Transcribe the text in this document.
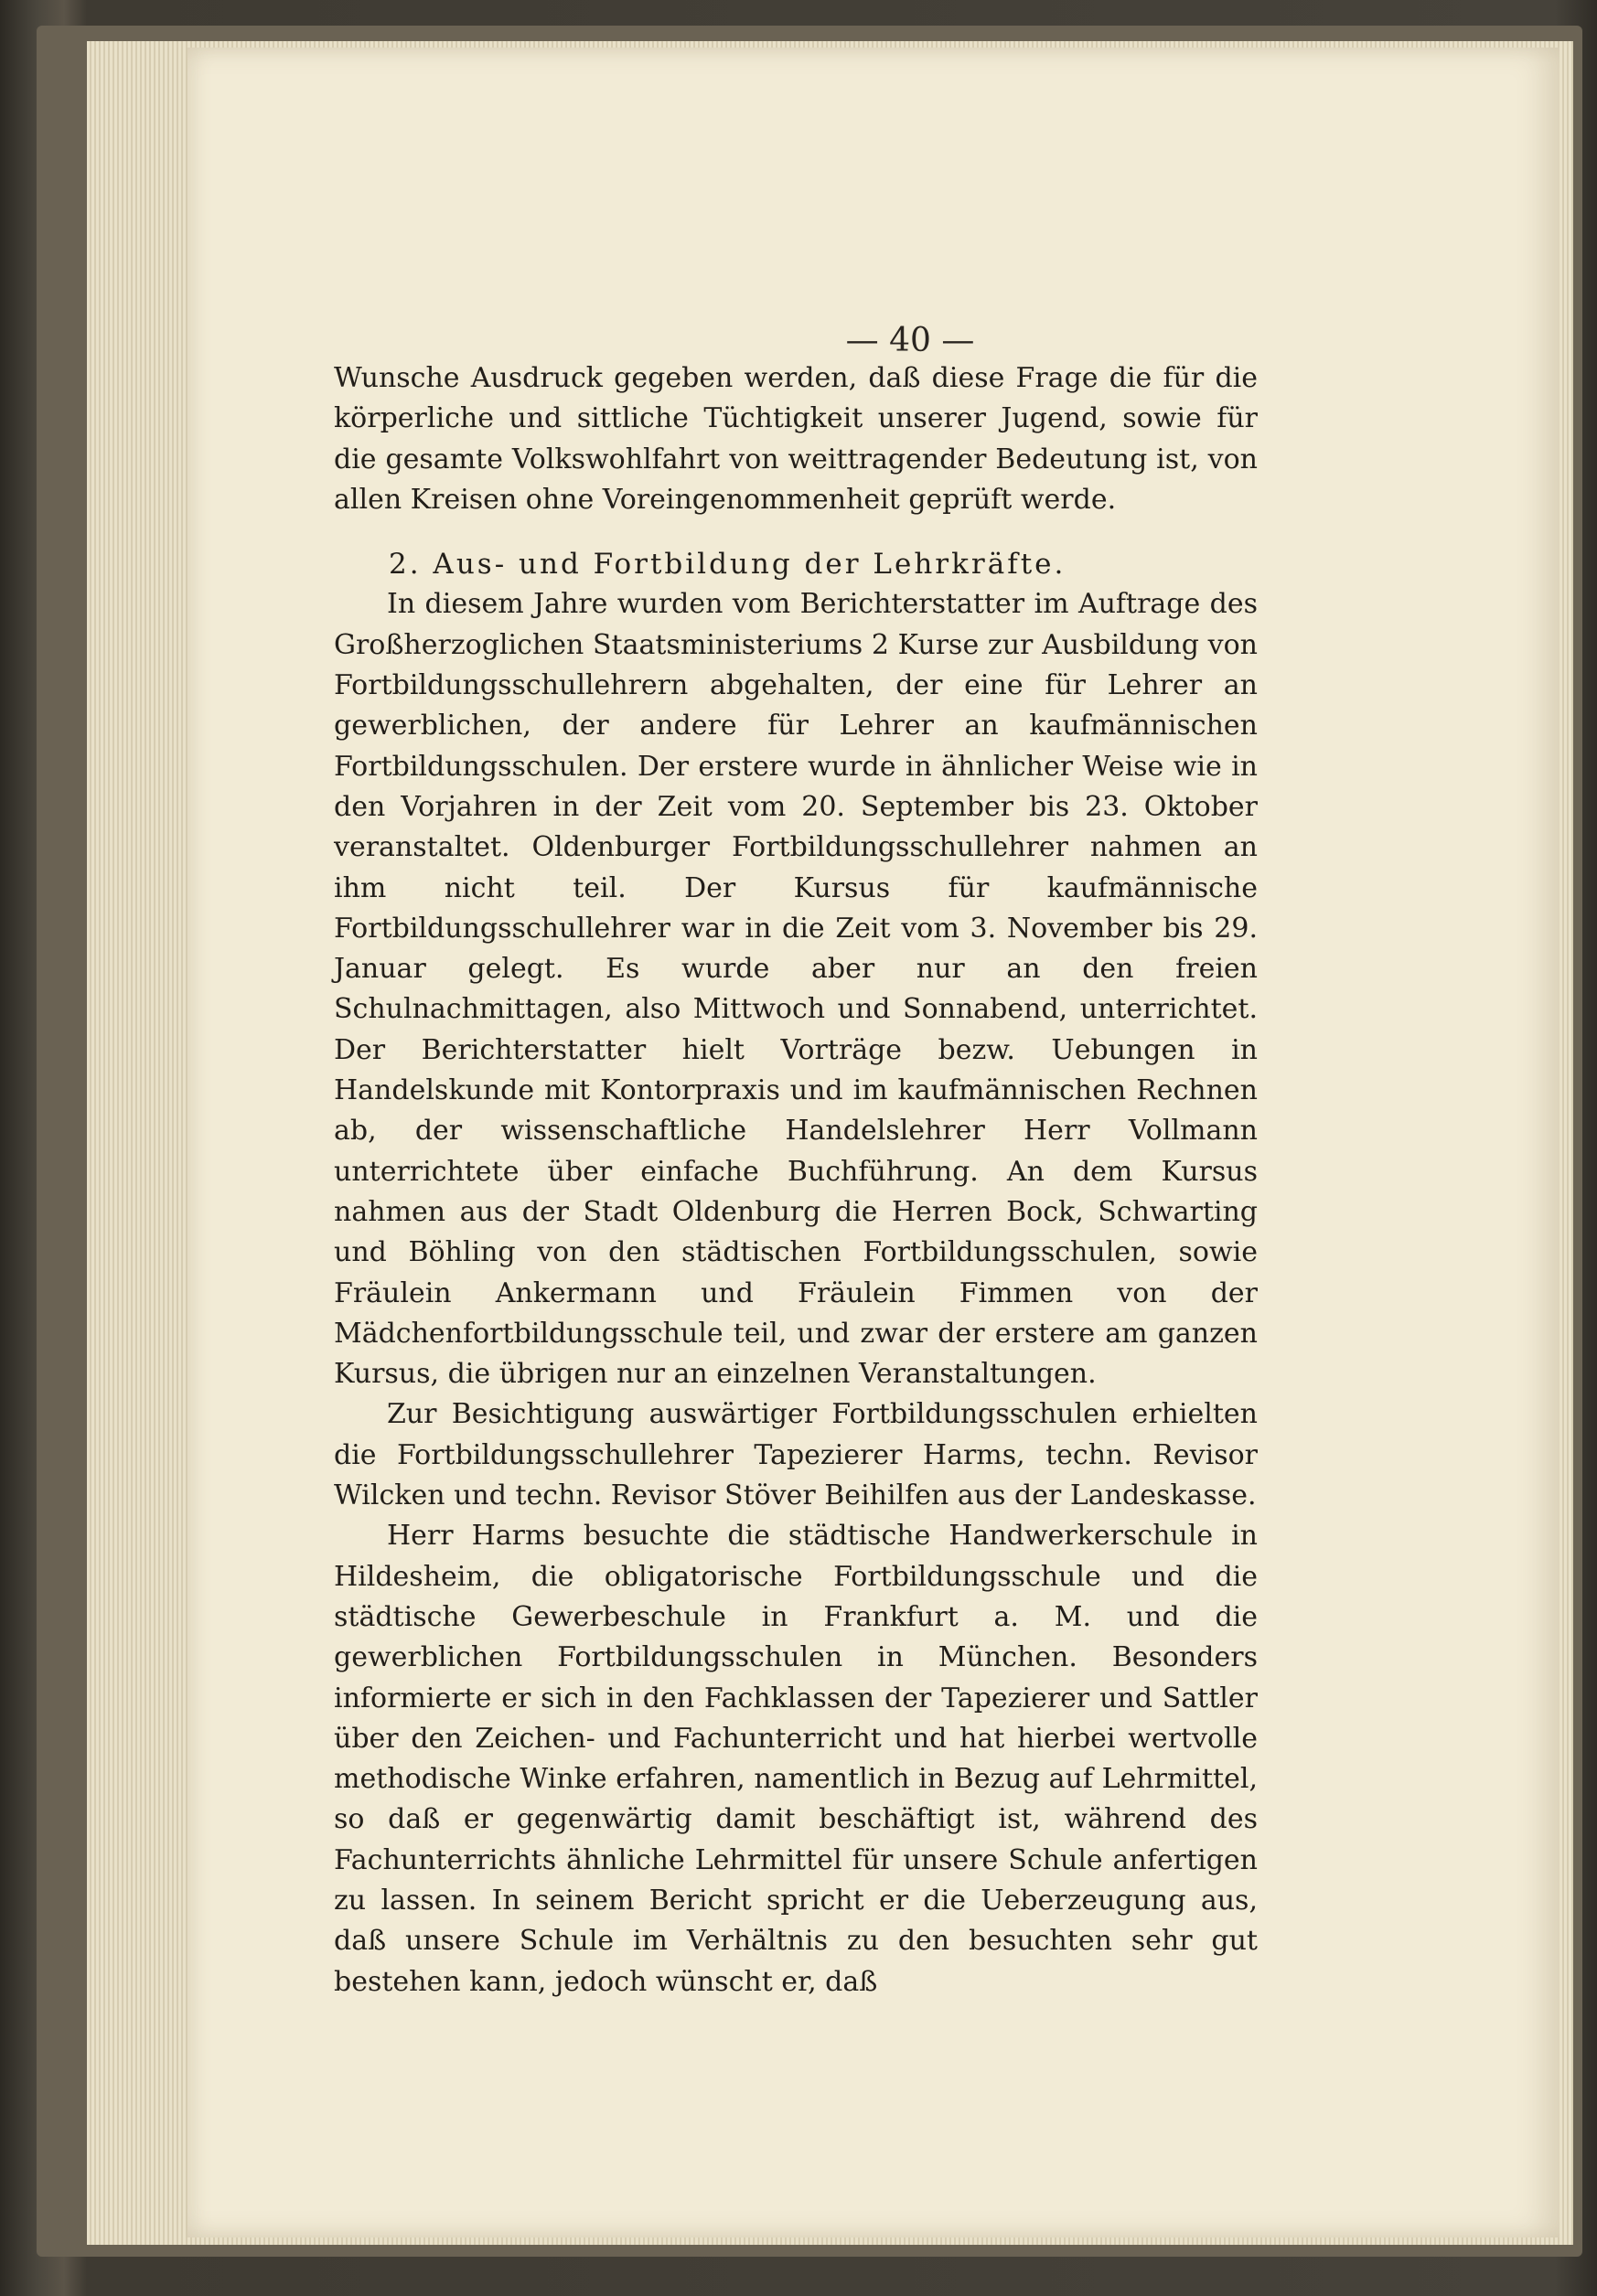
— 40 —

Wunsche Ausdruck gegeben werden, daß diese Frage die für die körperliche und sittliche Tüchtigkeit unserer Jugend, sowie für die gesamte Volkswohlfahrt von weittragender Bedeutung ist, von allen Kreisen ohne Voreingenommenheit geprüft werde.

2. Aus- und Fortbildung der Lehrkräfte.

In diesem Jahre wurden vom Berichterstatter im Auftrage des Großherzoglichen Staatsministeriums 2 Kurse zur Ausbildung von Fortbildungsschullehrern abgehalten, der eine für Lehrer an gewerblichen, der andere für Lehrer an kaufmännischen Fortbildungsschulen. Der erstere wurde in ähnlicher Weise wie in den Vorjahren in der Zeit vom 20. September bis 23. Oktober veranstaltet. Oldenburger Fortbildungsschullehrer nahmen an ihm nicht teil. Der Kursus für kaufmännische Fortbildungsschullehrer war in die Zeit vom 3. November bis 29. Januar gelegt. Es wurde aber nur an den freien Schulnachmittagen, also Mittwoch und Sonnabend, unterrichtet. Der Berichterstatter hielt Vorträge bezw. Uebungen in Handelskunde mit Kontorpraxis und im kaufmännischen Rechnen ab, der wissenschaftliche Handelslehrer Herr Vollmann unterrichtete über einfache Buchführung. An dem Kursus nahmen aus der Stadt Oldenburg die Herren Bock, Schwarting und Böhling von den städtischen Fortbildungsschulen, sowie Fräulein Ankermann und Fräulein Fimmen von der Mädchenfortbildungsschule teil, und zwar der erstere am ganzen Kursus, die übrigen nur an einzelnen Veranstaltungen.

Zur Besichtigung auswärtiger Fortbildungsschulen erhielten die Fortbildungsschullehrer Tapezierer Harms, techn. Revisor Wilcken und techn. Revisor Stöver Beihilfen aus der Landeskasse.

Herr Harms besuchte die städtische Handwerkerschule in Hildesheim, die obligatorische Fortbildungsschule und die städtische Gewerbeschule in Frankfurt a. M. und die gewerblichen Fortbildungsschulen in München. Besonders informierte er sich in den Fachklassen der Tapezierer und Sattler über den Zeichen- und Fachunterricht und hat hierbei wertvolle methodische Winke erfahren, namentlich in Bezug auf Lehrmittel, so daß er gegenwärtig damit beschäftigt ist, während des Fachunterrichts ähnliche Lehrmittel für unsere Schule anfertigen zu lassen. In seinem Bericht spricht er die Ueberzeugung aus, daß unsere Schule im Verhältnis zu den besuchten sehr gut bestehen kann, jedoch wünscht er, daß
